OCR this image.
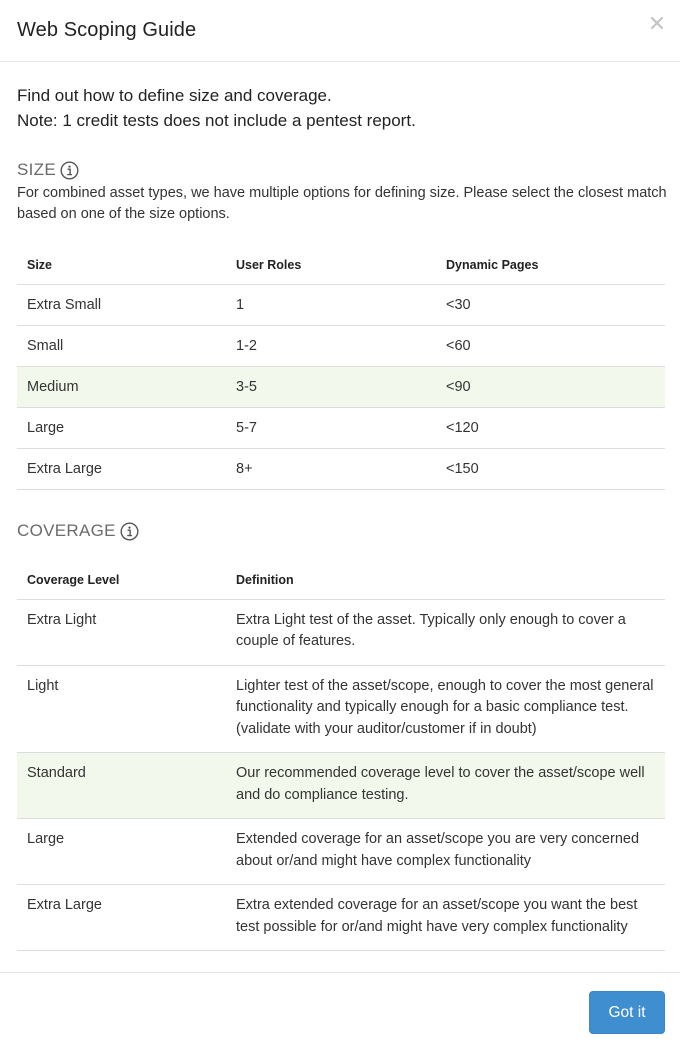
Web Scoping Guide
Find out how to define size and coverage.
Note: 1 credit tests does not include a pentest report.
SIZE
For combined asset types, we have multiple options for defining size. Please select the closest match based on one of the size options.
Size	User Roles	Dynamic Pages
Extra Small	1	<30
Small	1-2	<60
Medium	3-5	<90
Large	5-7	<120
Extra Large	8+	<150
COVERAGE
Coverage Level	Definition
Extra Light	Extra Light test of the asset. Typically only enough to cover a couple of features.
Light	Lighter test of the asset/scope, enough to cover the most general functionality and typically enough for a basic compliance test. (validate with your auditor/customer if in doubt)
Standard	Our recommended coverage level to cover the asset/scope well and do compliance testing.
Large	Extended coverage for an asset/scope you are very concerned about or/and might have complex functionality
Extra Large	Extra extended coverage for an asset/scope you want the best test possible for or/and might have very complex functionality
Got it
